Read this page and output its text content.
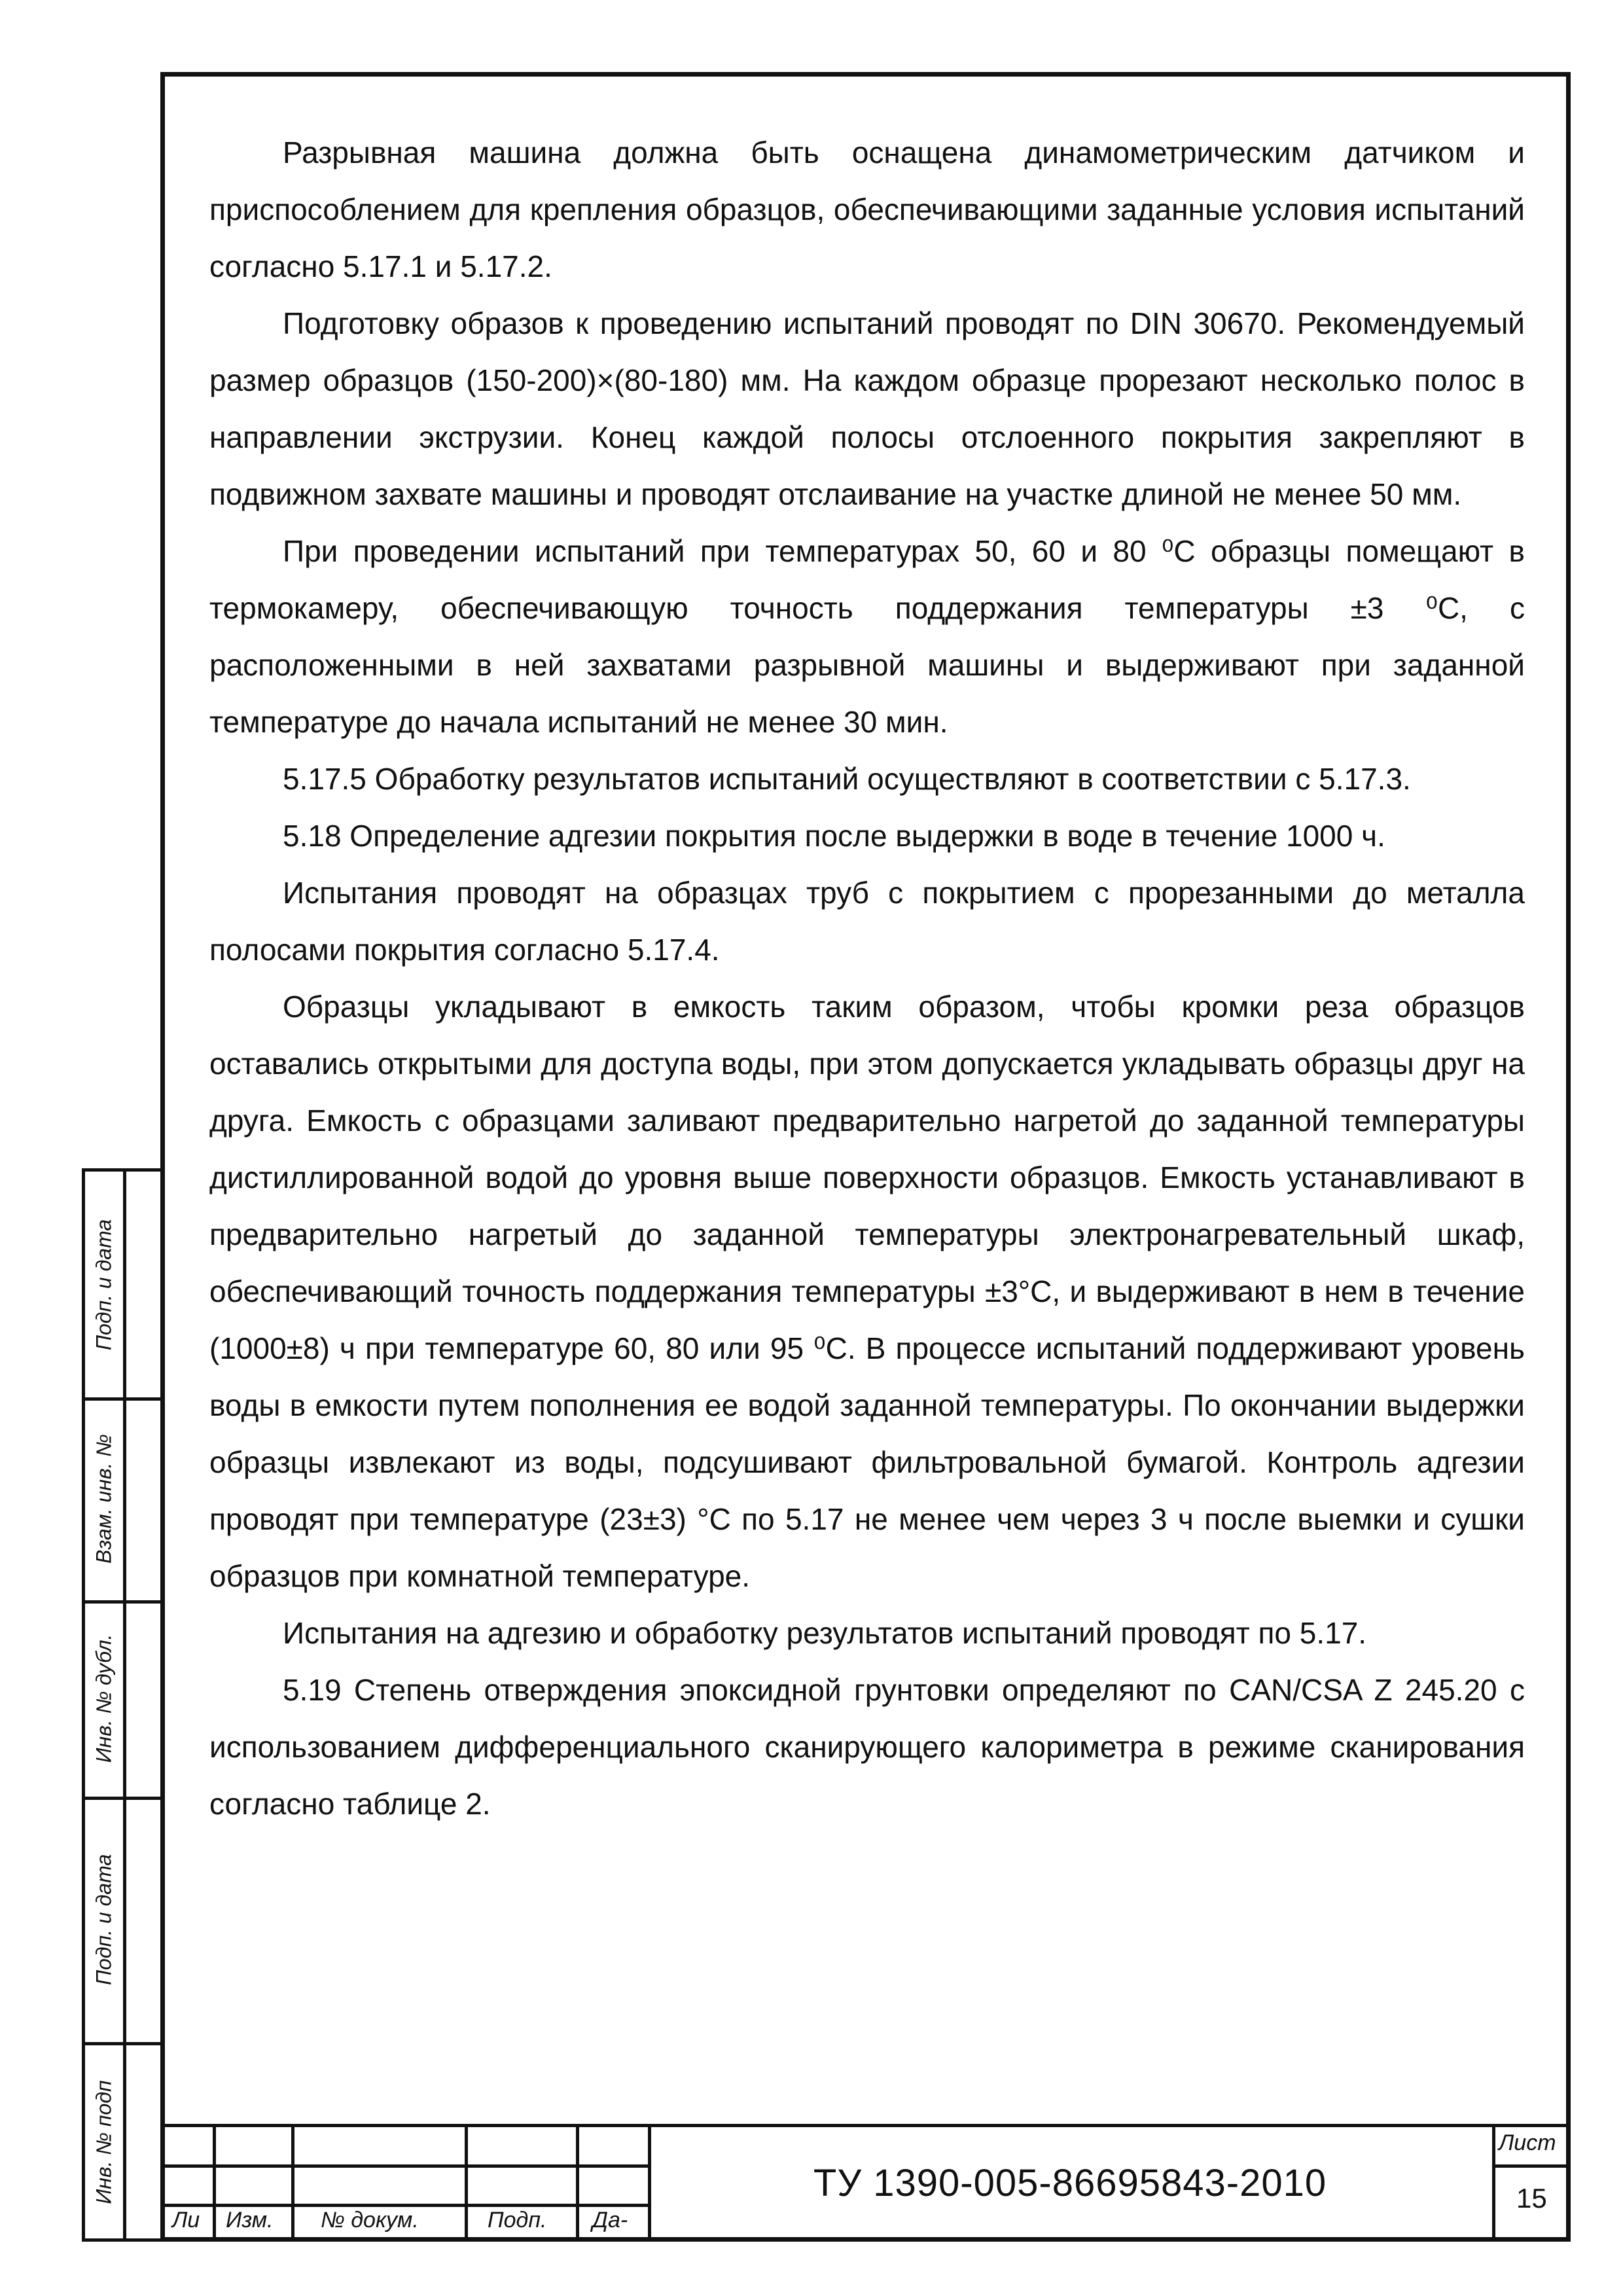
Разрывная машина должна быть оснащена динамометрическим датчиком и приспособлением для крепления образцов, обеспечивающими заданные условия испытаний согласно 5.17.1 и 5.17.2.

Подготовку образов к проведению испытаний проводят по DIN 30670. Рекомендуемый размер образцов (150-200)×(80-180) мм. На каждом образце прорезают несколько полос в направлении экструзии. Конец каждой полосы отслоенного покрытия закрепляют в подвижном захвате машины и проводят отслаивание на участке длиной не менее 50 мм.

При проведении испытаний при температурах 50, 60 и 80 ⁰С образцы помещают в термокамеру, обеспечивающую точность поддержания температуры ±3 ⁰С, с расположенными в ней захватами разрывной машины и выдерживают при заданной температуре до начала испытаний не менее 30 мин.

5.17.5 Обработку результатов испытаний осуществляют в соответствии с 5.17.3.

5.18 Определение адгезии покрытия после выдержки в воде в течение 1000 ч.

Испытания проводят на образцах труб с покрытием с прорезанными до металла полосами покрытия согласно 5.17.4.

Образцы укладывают в емкость таким образом, чтобы кромки реза образцов оставались открытыми для доступа воды, при этом допускается укладывать образцы друг на друга. Емкость с образцами заливают предварительно нагретой до заданной температуры дистиллированной водой до уровня выше поверхности образцов. Емкость устанавливают в предварительно нагретый до заданной температуры электронагревательный шкаф, обеспечивающий точность поддержания температуры ±3°С, и выдерживают в нем в течение (1000±8) ч при температуре 60, 80 или 95 ⁰С. В процессе испытаний поддерживают уровень воды в емкости путем пополнения ее водой заданной температуры. По окончании выдержки образцы извлекают из воды, подсушивают фильтровальной бумагой. Контроль адгезии проводят при температуре (23±3) °С по 5.17 не менее чем через 3 ч после выемки и сушки образцов при комнатной температуре.

Испытания на адгезию и обработку результатов испытаний проводят по 5.17.

5.19 Степень отверждения эпоксидной грунтовки определяют по CAN/CSA Z 245.20 с использованием дифференциального сканирующего калориметра в режиме сканирования согласно таблице 2.

Подп. и дата
Взам. инв. №
Инв. № дубл.
Подп. и дата
Инв. № подп
Ли Изм. № докум.	Подп. Да-
ТУ 1390-005-86695843-2010
Лист
15
